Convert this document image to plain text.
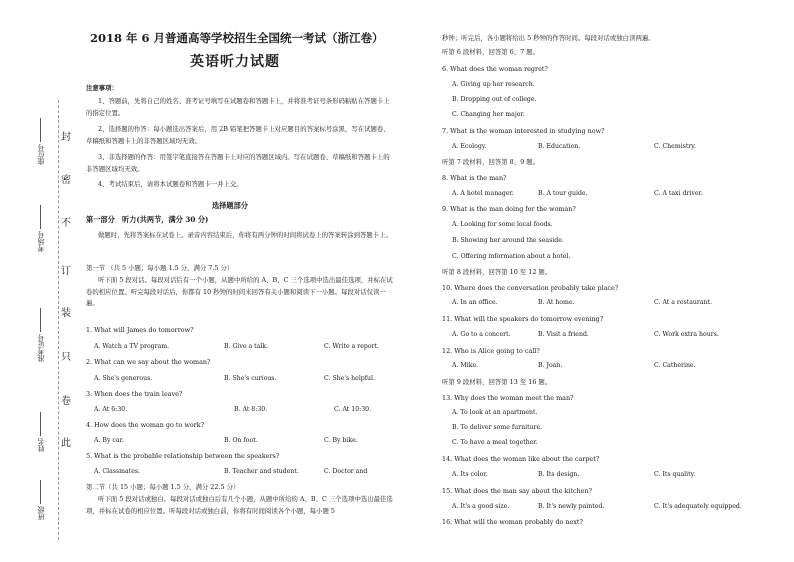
封
密
不
订
装
只
卷
此
座位号
考场号
准考证号
姓名
班级
2018 年 6 月普通高等学校招生全国统一考试（浙江卷）
英语听力试题
注意事项：
1、答题前，先将自己的姓名、准考证号填写在试题卷和答题卡上，并将准考证号条形码粘贴在答题卡上的指定位置。
2、选择题的作答：每小题选出答案后，用 2B 铅笔把答题卡上对应题目的答案标号涂黑，写在试题卷、草稿纸和答题卡上的非答题区域均无效。
3、非选择题的作答：用签字笔直接答在答题卡上对应的答题区域内。写在试题卷、草稿纸和答题卡上的非答题区域均无效。
4、考试结束后，请将本试题卷和答题卡一并上交。
选择题部分
第一部分　听力(共两节，满分 30 分)
做题时，先将答案标在试卷上。录音内容结束后，你将有两分钟的时间将试卷上的答案转涂到答题卡上。
第一节 （共 5 小题；每小题 1.5 分，满分 7.5 分）
听下面 5 段对话。每段对话后有一个小题，从题中所给的 A、B、C 三个选项中选出最佳选项，并标在试卷的相应位置。听完每段对话后，你都有 10 秒钟的时间来回答有关小题和阅读下一小题。每段对话仅读一遍。
1. What will James do tomorrow?
A. Watch a TV program.	B. Give a talk.	C. Write a report.
2. What can we say about the woman?
A. She's generous.	B. She's curious.	C. She's helpful.
3. When does the train leave?
A. At 6:30.	B. At 8:30.	C. At 10:30.
4. How does the woman go to work?
A. By car.	B. On foot.	C. By bike.
5. What is the probable relationship between the speakers?
A. Classmates.	B. Teacher and student.	C. Doctor and
第二节（共 15 小题；每小题 1.5 分，满分 22.5 分）
听下面 5 段对话或独白。每段对话或独白后有几个小题，从题中所给的 A、B、C 三个选项中选出最佳选项，并标在试卷的相应位置。听每段对话或独白前，你将有时间阅读各个小题，每小题 5
秒钟；听完后，各小题将给出 5 秒钟的作答时间。每段对话或独白读两遍。
听第 6 段材料，回答第 6、7 题。
6. What does the woman regret?
A. Giving up her research.
B. Dropping out of college.
C. Changing her major.
7. What is the woman interested in studying now?
A. Ecology.	B. Education.	C. Chemistry.
听第 7 段材料，回答第 8、9 题。
8. What is the man?
A. A hotel manager.	B. A tour guide.	C. A taxi driver.
9. What is the man doing for the woman?
A. Looking for some local foods.
B. Showing her around the seaside.
C. Offering information about a hotel.
听第 8 段材料，回答第 10 至 12 题。
10. Where does the conversation probably take place?
A. In an office.	B. At home.	C. At a restaurant.
11. What will the speakers do tomorrow evening?
A. Go to a concert.	B. Visit a friend.	C. Work extra hours.
12. Who is Alice going to call?
A. Mike.	B. Joan.	C. Catherine.
听第 9 段材料，回答第 13 至 16 题。
13. Why does the woman meet the man?
A. To look at an apartment.
B. To deliver some furniture.
C. To have a meal together.
14. What does the woman like about the carpet?
A. Its color.	B. Its design.	C. Its quality.
15. What does the man say about the kitchen?
A. It's a good size.	B. It's newly painted.	C. It's adequately equipped.
16. What will the woman probably do next?
